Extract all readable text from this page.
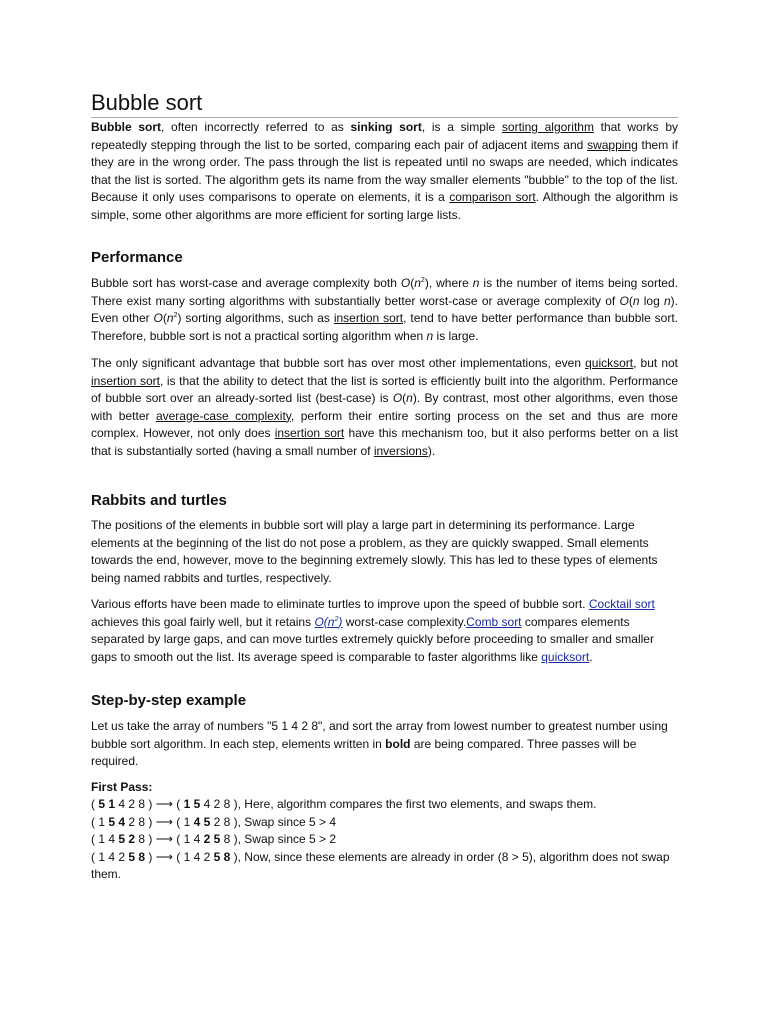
Bubble sort

Bubble sort, often incorrectly referred to as sinking sort, is a simple sorting algorithm that works by repeatedly stepping through the list to be sorted, comparing each pair of adjacent items and swapping them if they are in the wrong order. The pass through the list is repeated until no swaps are needed, which indicates that the list is sorted. The algorithm gets its name from the way smaller elements "bubble" to the top of the list. Because it only uses comparisons to operate on elements, it is a comparison sort. Although the algorithm is simple, some other algorithms are more efficient for sorting large lists.

Performance

Bubble sort has worst-case and average complexity both $O(n^2)$, where n is the number of items being sorted. There exist many sorting algorithms with substantially better worst-case or average complexity of O(n log n). Even other $O(n^2)$ sorting algorithms, such as insertion sort, tend to have better performance than bubble sort. Therefore, bubble sort is not a practical sorting algorithm when n is large.

The only significant advantage that bubble sort has over most other implementations, even quicksort, but not insertion sort, is that the ability to detect that the list is sorted is efficiently built into the algorithm. Performance of bubble sort over an already-sorted list (best-case) is O(n). By contrast, most other algorithms, even those with better average-case complexity, perform their entire sorting process on the set and thus are more complex. However, not only does insertion sort have this mechanism too, but it also performs better on a list that is substantially sorted (having a small number of inversions).

Rabbits and turtles

The positions of the elements in bubble sort will play a large part in determining its performance. Large elements at the beginning of the list do not pose a problem, as they are quickly swapped. Small elements towards the end, however, move to the beginning extremely slowly. This has led to these types of elements being named rabbits and turtles, respectively.

Various efforts have been made to eliminate turtles to improve upon the speed of bubble sort. Cocktail sort achieves this goal fairly well, but it retains $O(n^2)$ worst-case complexity.Comb sort compares elements separated by large gaps, and can move turtles extremely quickly before proceeding to smaller and smaller gaps to smooth out the list. Its average speed is comparable to faster algorithms like quicksort.

Step-by-step example

Let us take the array of numbers "5 1 4 2 8", and sort the array from lowest number to greatest number using bubble sort algorithm. In each step, elements written in bold are being compared. Three passes will be required.

First Pass:
( 5 1 4 2 8 ) ⟶ ( 1 5 4 2 8 ), Here, algorithm compares the first two elements, and swaps them.
( 1 5 4 2 8 ) ⟶ ( 1 4 5 2 8 ), Swap since 5 > 4
( 1 4 5 2 8 ) ⟶ ( 1 4 2 5 8 ), Swap since 5 > 2
( 1 4 2 5 8 ) ⟶ ( 1 4 2 5 8 ), Now, since these elements are already in order (8 > 5), algorithm does not swap them.
